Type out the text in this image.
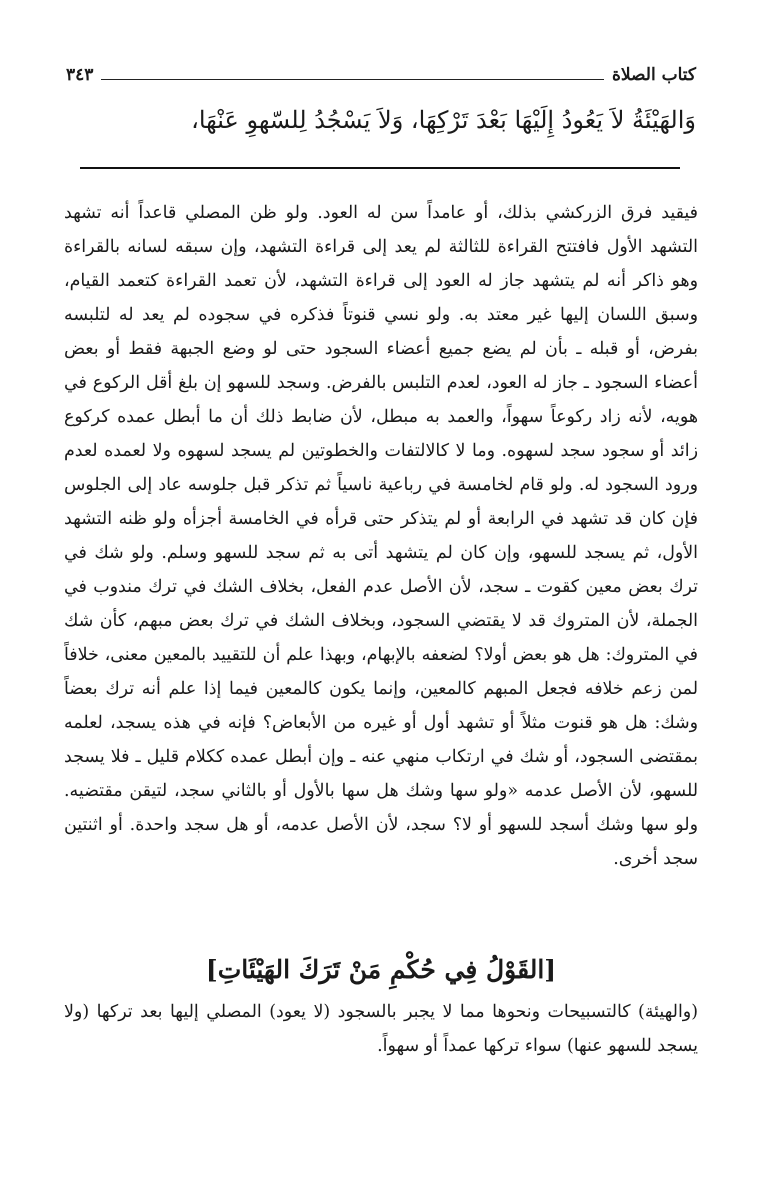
كتاب الصلاة
٣٤٣
وَالهَيْئَةُ لاَ يَعُودُ إِلَيْهَا بَعْدَ تَرْكِهَا، وَلاَ يَسْجُدُ لِلسّهوِ عَنْهَا،
فيقيد فرق الزركشي بذلك، أو عامداً سن له العود. ولو ظن المصلي قاعداً أنه تشهد التشهد الأول فافتتح القراءة للثالثة لم يعد إلى قراءة التشهد، وإن سبقه لسانه بالقراءة وهو ذاكر أنه لم يتشهد جاز له العود إلى قراءة التشهد، لأن تعمد القراءة كتعمد القيام، وسبق اللسان إليها غير معتد به. ولو نسي قنوتاً فذكره في سجوده لم يعد له لتلبسه بفرض، أو قبله ـ بأن لم يضع جميع أعضاء السجود حتى لو وضع الجبهة فقط أو بعض أعضاء السجود ـ جاز له العود، لعدم التلبس بالفرض. وسجد للسهو إن بلغ أقل الركوع في هويه، لأنه زاد ركوعاً سهواً، والعمد به مبطل، لأن ضابط ذلك أن ما أبطل عمده كركوع زائد أو سجود سجد لسهوه. وما لا كالالتفات والخطوتين لم يسجد لسهوه ولا لعمده لعدم ورود السجود له. ولو قام لخامسة في رباعية ناسياً ثم تذكر قبل جلوسه عاد إلى الجلوس فإن كان قد تشهد في الرابعة أو لم يتذكر حتى قرأه في الخامسة أجزأه ولو ظنه التشهد الأول، ثم يسجد للسهو، وإن كان لم يتشهد أتى به ثم سجد للسهو وسلم. ولو شك في ترك بعض معين كقوت ـ سجد، لأن الأصل عدم الفعل، بخلاف الشك في ترك مندوب في الجملة، لأن المتروك قد لا يقتضي السجود، وبخلاف الشك في ترك بعض مبهم، كأن شك في المتروك: هل هو بعض أولا؟ لضعفه بالإبهام، وبهذا علم أن للتقييد بالمعين معنى، خلافاً لمن زعم خلافه فجعل المبهم كالمعين، وإنما يكون كالمعين فيما إذا علم أنه ترك بعضاً وشك: هل هو قنوت مثلاً أو تشهد أول أو غيره من الأبعاض؟ فإنه في هذه يسجد، لعلمه بمقتضى السجود، أو شك في ارتكاب منهي عنه ـ وإن أبطل عمده ككلام قليل ـ فلا يسجد للسهو، لأن الأصل عدمه «ولو سها وشك هل سها بالأول أو بالثاني سجد، لتيقن مقتضيه. ولو سها وشك أسجد للسهو أو لا؟ سجد، لأن الأصل عدمه، أو هل سجد واحدة. أو اثنتين سجد أخرى.
[القَوْلُ فِي حُكْمِ مَنْ تَرَكَ الهَيْئَاتِ]
(والهيئة) كالتسبيحات ونحوها مما لا يجبر بالسجود (لا يعود) المصلي إليها بعد تركها (ولا يسجد للسهو عنها) سواء تركها عمداً أو سهواً.
